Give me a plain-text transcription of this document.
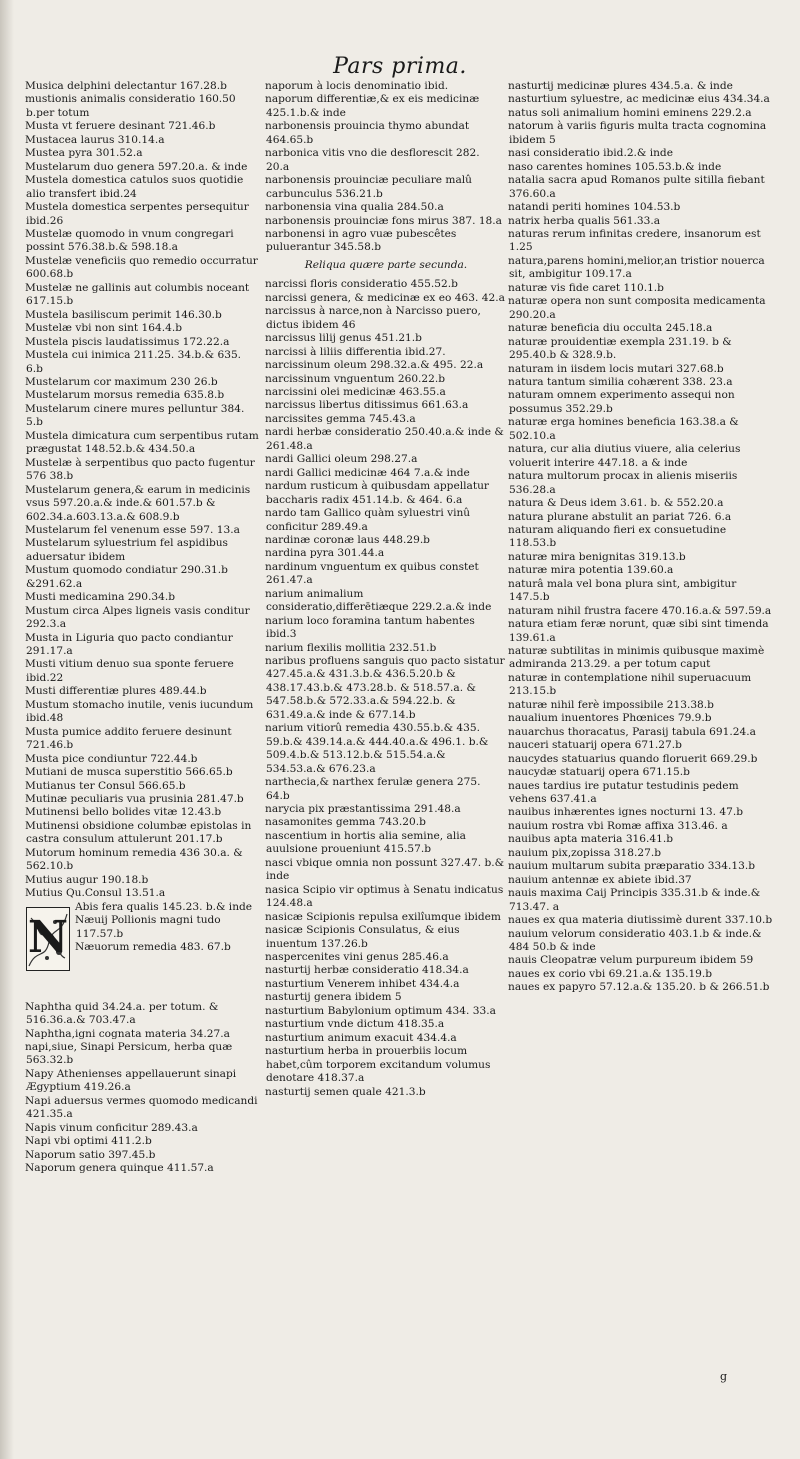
Pars prima.
Musica delphini delectantur 167.28.b
mustionis animalis consideratio 160.50 b.per totum
Musta vt feruere desinant 721.46.b
Mustacea laurus 310.14.a
Mustea pyra 301.52.a
Mustelarum duo genera 597.20.a. & inde
Mustela domestica catulos suos quotidie alio transfert ibid.24
Mustela domestica serpentes persequitur ibid.26
Mustelæ quomodo in vnum congregari possint 576.38.b.& 598.18.a
Mustelæ veneficiis quo remedio occurratur 600.68.b
Mustelæ ne gallinis aut columbis noceant 617.15.b
Mustela basiliscum perimit 146.30.b
Mustelæ vbi non sint 164.4.b
Mustela piscis laudatissimus 172.22.a
Mustela cui inimica 211.25. 34.b.& 635. 6.b
Mustelarum cor maximum 230 26.b
Mustelarum morsus remedia 635.8.b
Mustelarum cinere mures pelluntur 384. 5.b
Mustela dimicatura cum serpentibus rutam prægustat 148.52.b.& 434.50.a
Mustelæ à serpentibus quo pacto fugentur 576 38.b
Mustelarum genera,& earum in medicinis vsus 597.20.a.& inde.& 601.57.b & 602.34.a.603.13.a.& 608.9.b
Mustelarum fel venenum esse 597. 13.a
Mustelarum syluestrium fel aspidibus aduersatur ibidem
Mustum quomodo condiatur 290.31.b &291.62.a
Musti medicamina 290.34.b
Mustum circa Alpes ligneis vasis conditur 292.3.a
Musta in Liguria quo pacto condiantur 291.17.a
Musti vitium denuo sua sponte feruere ibid.22
Musti differentiæ plures 489.44.b
Mustum stomacho inutile, venis iucundum ibid.48
Musta pumice addito feruere desinunt 721.46.b
Musta pice condiuntur 722.44.b
Mutiani de musca superstitio 566.65.b
Mutianus ter Consul 566.65.b
Mutinæ peculiaris vua prusinia 281.47.b
Mutinensi bello bolides vitæ 12.43.b
Mutinensi obsidione columbæ epistolas in castra consulum attulerunt 201.17.b
Mutorum hominum remedia 436 30.a. & 562.10.b
Mutius augur 190.18.b
Mutius Qu.Consul 13.51.a
N
Abis fera qualis 145.23. b.& inde
Næuij Pollionis magni tudo 117.57.b
Næuorum remedia 483. 67.b
Naphtha quid 34.24.a. per totum. & 516.36.a.& 703.47.a
Naphtha,igni cognata materia 34.27.a
napi,siue, Sinapi Persicum, herba quæ 563.32.b
Napy Athenienses appellauerunt sinapi Ægyptium 419.26.a
Napi aduersus vermes quomodo medicandi 421.35.a
Napis vinum conficitur 289.43.a
Napi vbi optimi 411.2.b
Naporum satio 397.45.b
Naporum genera quinque 411.57.a
naporum à locis denominatio ibid.
naporum differentiæ,& ex eis medicinæ 425.1.b.& inde
narbonensis prouincia thymo abundat 464.65.b
narbonica vitis vno die desflorescit 282. 20.a
narbonensis prouinciæ peculiare malû carbunculus 536.21.b
narbonensia vina qualia 284.50.a
narbonensis prouinciæ fons mirus 387. 18.a
narbonensi in agro vuæ pubescêtes puluerantur 345.58.b
Reliqua quære parte secunda.
narcissi floris consideratio 455.52.b
narcissi genera, & medicinæ ex eo 463. 42.a
narcissus à narce,non à Narcisso puero, dictus ibidem 46
narcissus lilij genus 451.21.b
narcissi à liliis differentia ibid.27.
narcissinum oleum 298.32.a.& 495. 22.a
narcissinum vnguentum 260.22.b
narcissini olei medicinæ 463.55.a
narcissus libertus ditissimus 661.63.a
narcissites gemma 745.43.a
nardi herbæ consideratio 250.40.a.& inde & 261.48.a
nardi Gallici oleum 298.27.a
nardi Gallici medicinæ 464 7.a.& inde
nardum rusticum à quibusdam appellatur baccharis radix 451.14.b. & 464. 6.a
nardo tam Gallico quàm syluestri vinû conficitur 289.49.a
nardinæ coronæ laus 448.29.b
nardina pyra 301.44.a
nardinum vnguentum ex quibus constet 261.47.a
narium animalium consideratio,differētiæque 229.2.a.& inde
narium loco foramina tantum habentes ibid.3
narium flexilis mollitia 232.51.b
naribus profluens sanguis quo pacto sistatur 427.45.a.& 431.3.b.& 436.5.20.b & 438.17.43.b.& 473.28.b. & 518.57.a. & 547.58.b.& 572.33.a.& 594.22.b. & 631.49.a.& inde & 677.14.b
narium vitiorû remedia 430.55.b.& 435. 59.b.& 439.14.a.& 444.40.a.& 496.1. b.& 509.4.b.& 513.12.b.& 515.54.a.& 534.53.a.& 676.23.a
narthecia,& narthex ferulæ genera 275. 64.b
narycia pix præstantissima 291.48.a
nasamonites gemma 743.20.b
nascentium in hortis alia semine, alia auulsione proueniunt 415.57.b
nasci vbique omnia non possunt 327.47. b.& inde
nasica Scipio vir optimus à Senatu indicatus 124.48.a
nasicæ Scipionis repulsa exilîumque ibidem
nasicæ Scipionis Consulatus, & eius inuentum 137.26.b
naspercenites vini genus 285.46.a
nasturtij herbæ consideratio 418.34.a
nasturtium Venerem inhibet 434.4.a
nasturtij genera ibidem 5
nasturtium Babylonium optimum 434. 33.a
nasturtium vnde dictum 418.35.a
nasturtium animum exacuit 434.4.a
nasturtium herba in prouerbiis locum habet,cûm torporem excitandum volumus denotare 418.37.a
nasturtij semen quale 421.3.b
nasturtij medicinæ plures 434.5.a. & inde
nasturtium syluestre, ac medicinæ eius 434.34.a
natus soli animalium homini eminens 229.2.a
natorum à variis figuris multa tracta cognomina ibidem 5
nasi consideratio ibid.2.& inde
naso carentes homines 105.53.b.& inde
natalia sacra apud Romanos pulte sitilla fiebant 376.60.a
natandi periti homines 104.53.b
natrix herba qualis 561.33.a
naturas rerum infinitas credere, insanorum est 1.25
natura,parens homini,melior,an tristior nouerca sit, ambigitur 109.17.a
naturæ vis fide caret 110.1.b
naturæ opera non sunt composita medicamenta 290.20.a
naturæ beneficia diu occulta 245.18.a
naturæ prouidentiæ exempla 231.19. b & 295.40.b & 328.9.b.
naturam in iisdem locis mutari 327.68.b
natura tantum similia cohærent 338. 23.a
naturam omnem experimento assequi non possumus 352.29.b
naturæ erga homines beneficia 163.38.a & 502.10.a
natura, cur alia diutius viuere, alia celerius voluerit interire 447.18. a & inde
natura multorum procax in alienis miseriis 536.28.a
natura & Deus idem 3.61. b. & 552.20.a
natura plurane abstulit an pariat 726. 6.a
naturam aliquando fieri ex consuetudine 118.53.b
naturæ mira benignitas 319.13.b
naturæ mira potentia 139.60.a
naturâ mala vel bona plura sint, ambigitur 147.5.b
naturam nihil frustra facere 470.16.a.& 597.59.a
natura etiam feræ norunt, quæ sibi sint timenda 139.61.a
naturæ subtilitas in minimis quibusque maximè admiranda 213.29. a per totum caput
naturæ in contemplatione nihil superuacuum 213.15.b
naturæ nihil ferè impossibile 213.38.b
naualium inuentores Phœnices 79.9.b
nauarchus thoracatus, Parasij tabula 691.24.a
nauceri statuarij opera 671.27.b
naucydes statuarius quando floruerit 669.29.b
naucydæ statuarij opera 671.15.b
naues tardius ire putatur testudinis pedem vehens 637.41.a
nauibus inhærentes ignes nocturni 13. 47.b
nauium rostra vbi Romæ affixa 313.46. a
nauibus apta materia 316.41.b
nauium pix,zopissa 318.27.b
nauium multarum subita præparatio 334.13.b
nauium antennæ ex abiete ibid.37
nauis maxima Caij Principis 335.31.b & inde.& 713.47. a
naues ex qua materia diutissimè durent 337.10.b
nauium velorum consideratio 403.1.b & inde.& 484 50.b & inde
nauis Cleopatræ velum purpureum ibidem 59
naues ex corio vbi 69.21.a.& 135.19.b
naues ex papyro 57.12.a.& 135.20. b & 266.51.b
g
